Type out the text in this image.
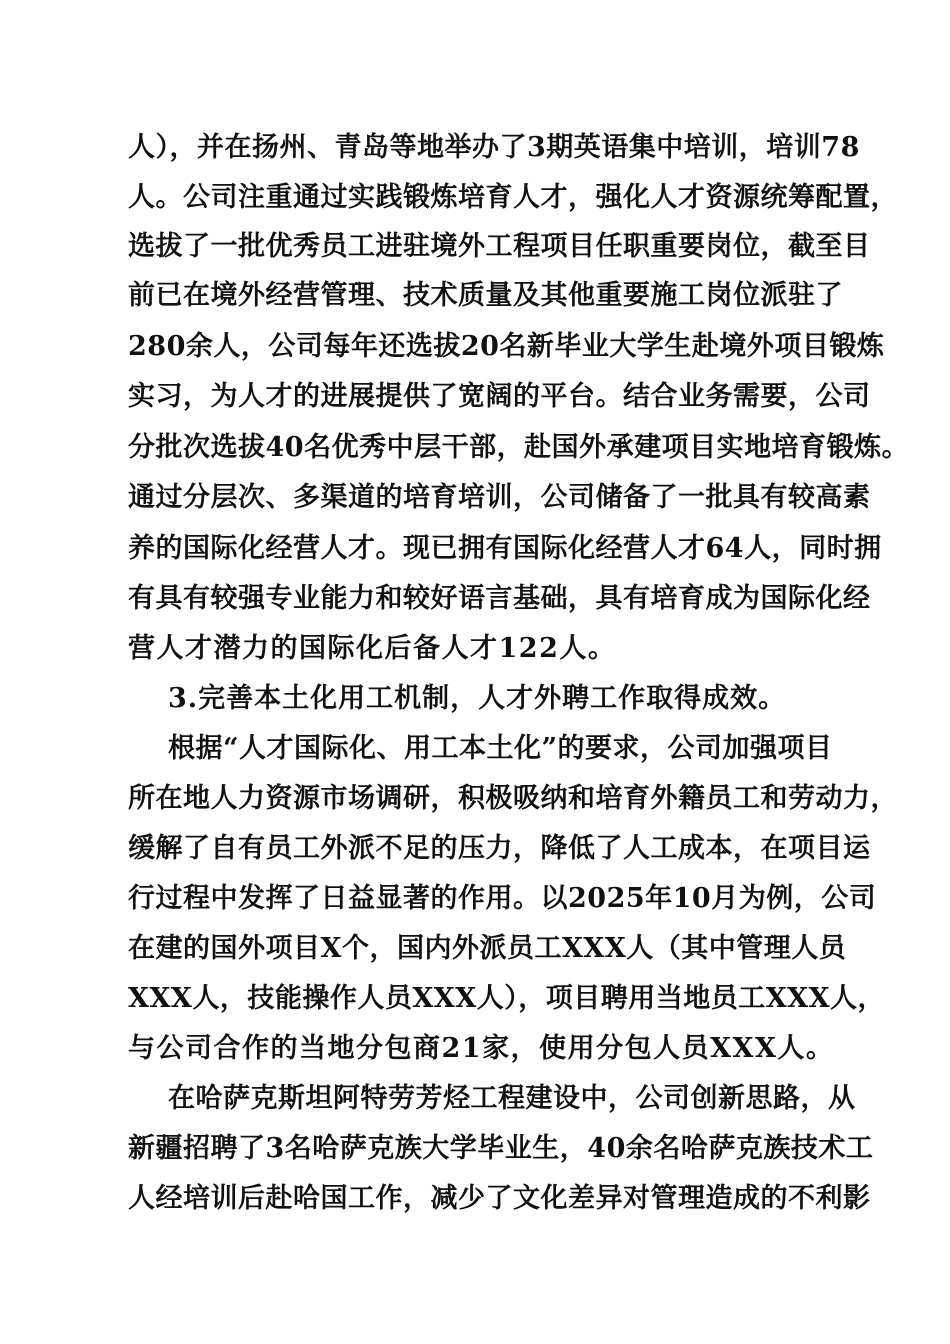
人），并在扬州、青岛等地举办了3期英语集中培训，培训78

人。公司注重通过实践锻炼培育人才，强化人才资源统筹配置，

选拔了一批优秀员工进驻境外工程项目任职重要岗位，截至目

前已在境外经营管理、技术质量及其他重要施工岗位派驻了

280余人，公司每年还选拔20名新毕业大学生赴境外项目锻炼

实习，为人才的进展提供了宽阔的平台。结合业务需要，公司

分批次选拔40名优秀中层干部，赴国外承建项目实地培育锻炼。

通过分层次、多渠道的培育培训，公司储备了一批具有较高素

养的国际化经营人才。现已拥有国际化经营人才64人，同时拥

有具有较强专业能力和较好语言基础，具有培育成为国际化经

营人才潜力的国际化后备人才122人。

3.完善本土化用工机制，人才外聘工作取得成效。

根据“人才国际化、用工本土化”的要求，公司加强项目

所在地人力资源市场调研，积极吸纳和培育外籍员工和劳动力，

缓解了自有员工外派不足的压力，降低了人工成本，在项目运

行过程中发挥了日益显著的作用。以2025年10月为例，公司

在建的国外项目X个，国内外派员工XXX人（其中管理人员

XXX人，技能操作人员XXX人），项目聘用当地员工XXX人，

与公司合作的当地分包商21家，使用分包人员XXX人。

在哈萨克斯坦阿特劳芳烃工程建设中，公司创新思路，从

新疆招聘了3名哈萨克族大学毕业生，40余名哈萨克族技术工

人经培训后赴哈国工作，减少了文化差异对管理造成的不利影
